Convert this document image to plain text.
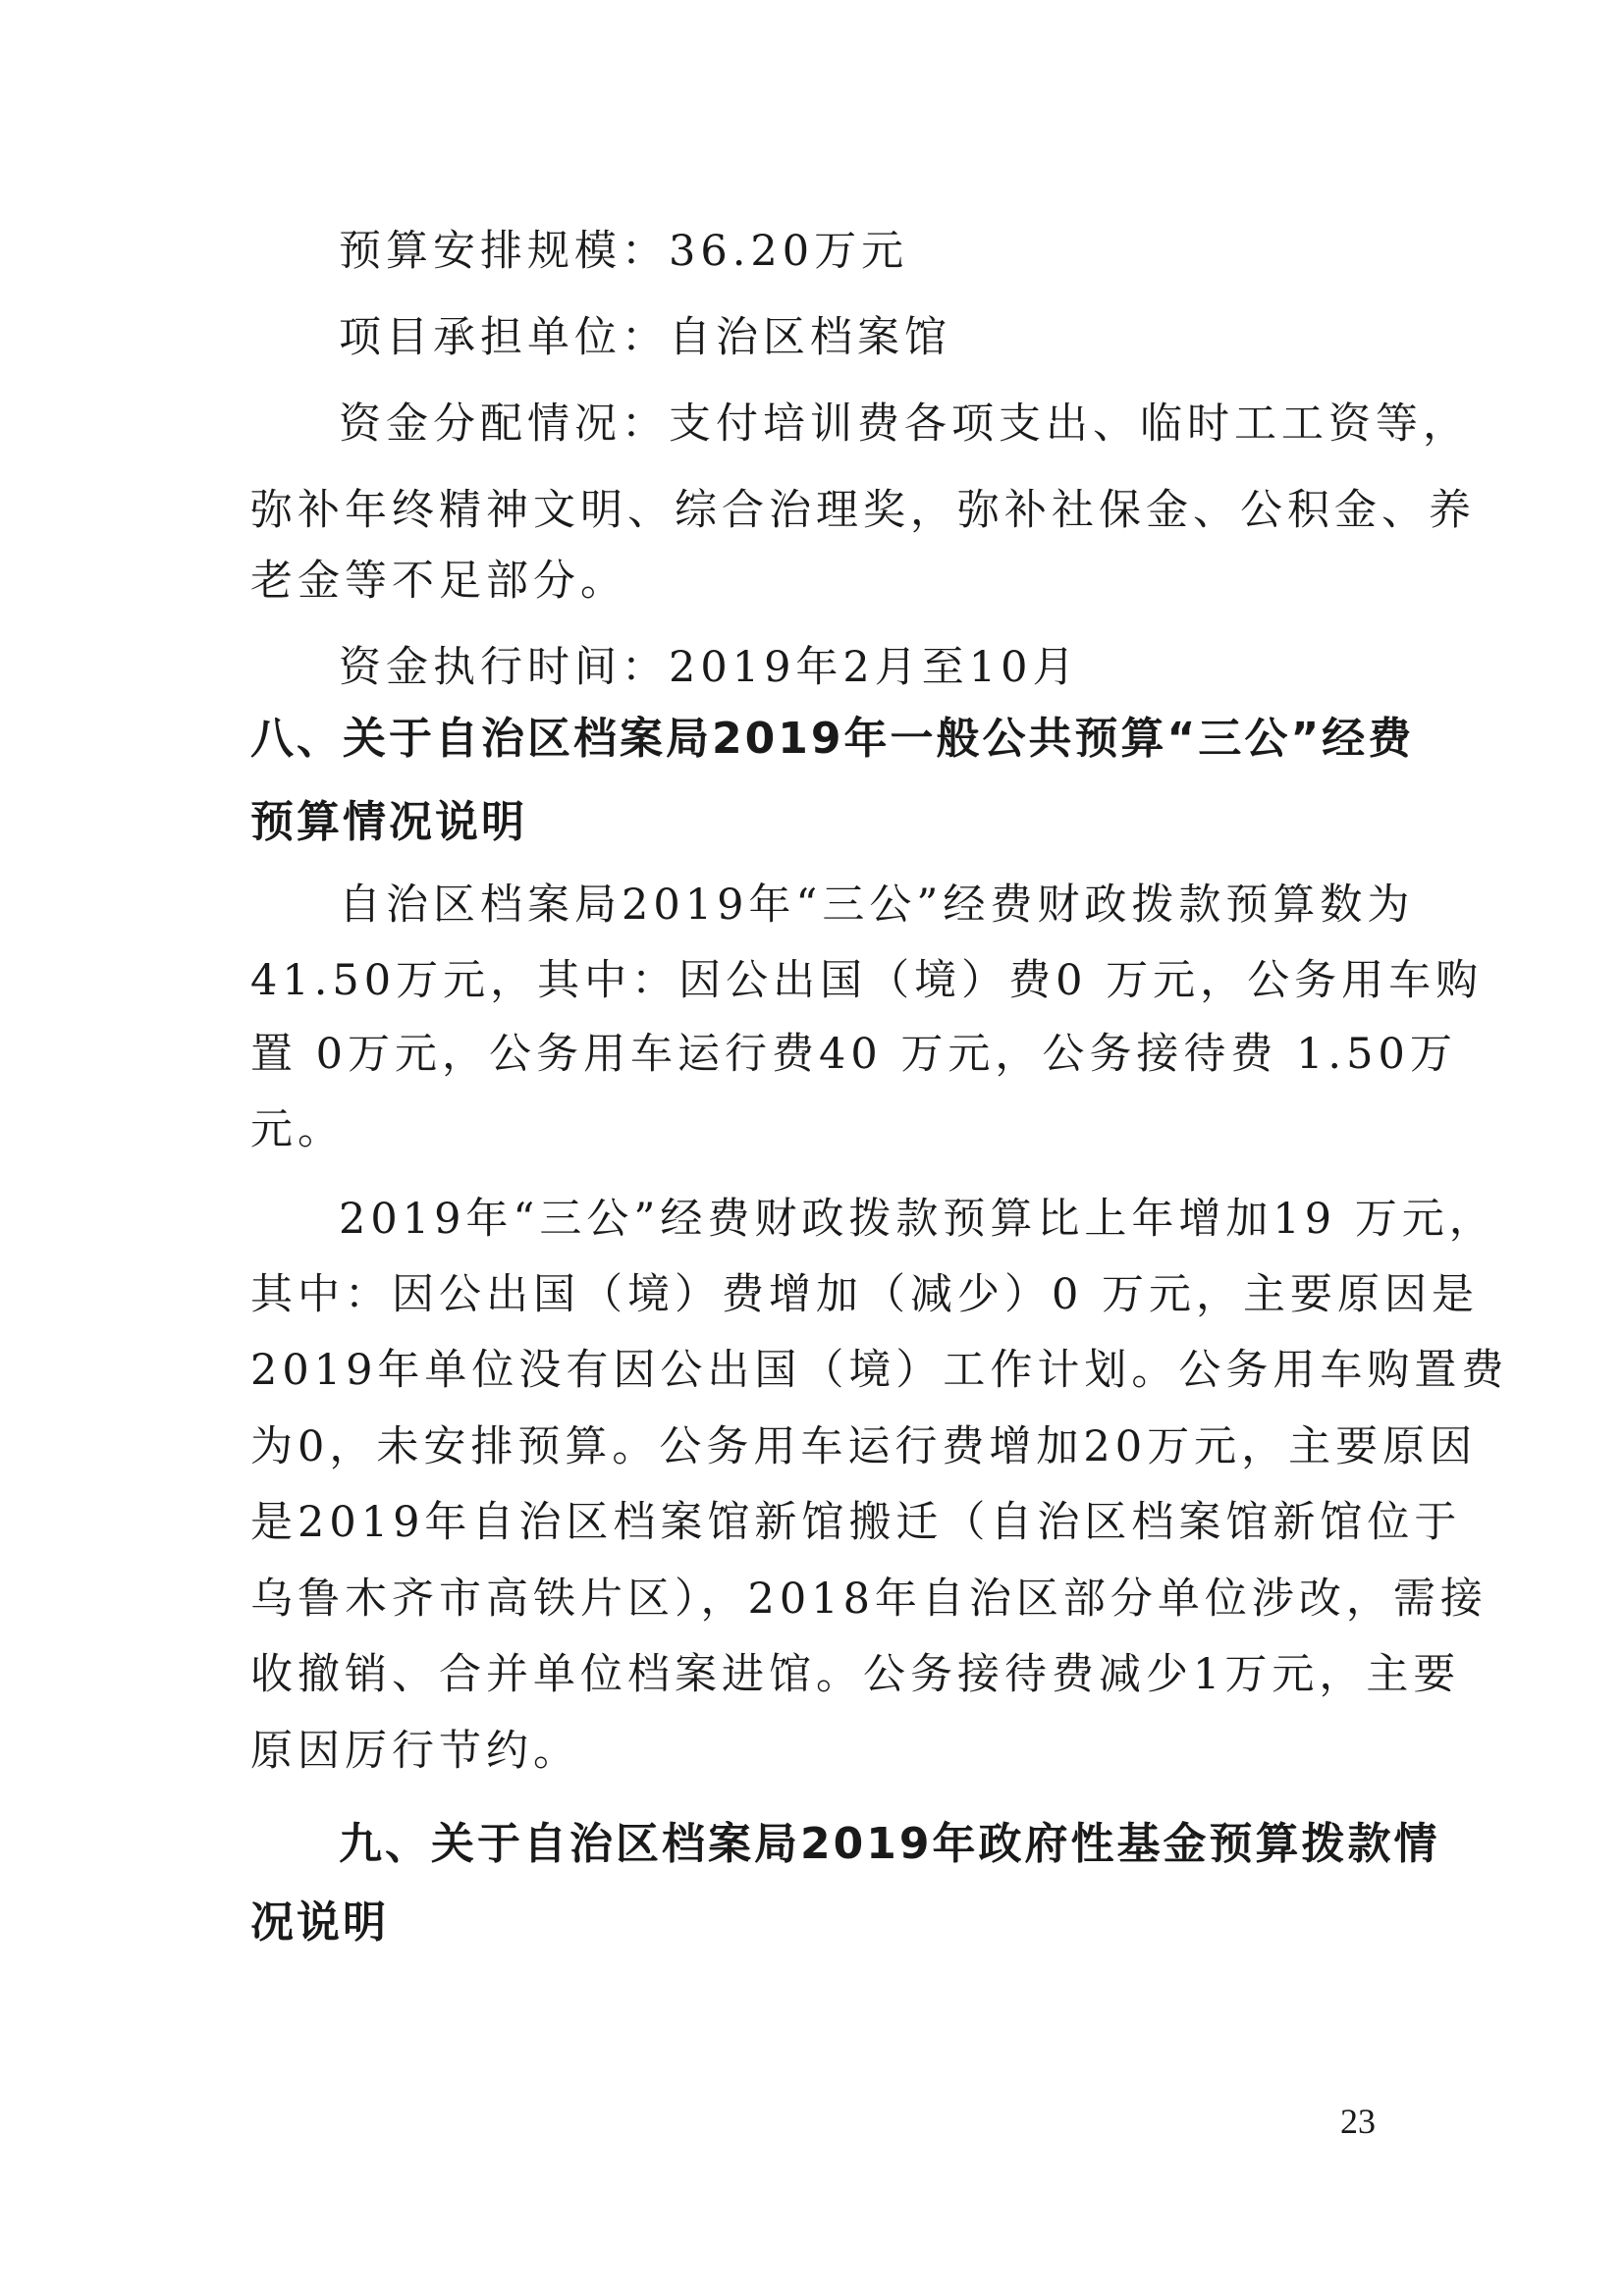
预算安排规模：36.20万元
项目承担单位：自治区档案馆
资金分配情况：支付培训费各项支出、临时工工资等，
弥补年终精神文明、综合治理奖，弥补社保金、公积金、养
老金等不足部分。
资金执行时间：2019年2月至10月
八、关于自治区档案局2019年一般公共预算“三公”经费
预算情况说明
自治区档案局2019年“三公”经费财政拨款预算数为
41.50万元，其中：因公出国（境）费0 万元，公务用车购
置 0万元，公务用车运行费40 万元，公务接待费 1.50万
元。
2019年“三公”经费财政拨款预算比上年增加19 万元，
其中：因公出国（境）费增加（减少）0 万元，主要原因是
2019年单位没有因公出国（境）工作计划。公务用车购置费
为0，未安排预算。公务用车运行费增加20万元，主要原因
是2019年自治区档案馆新馆搬迁（自治区档案馆新馆位于
乌鲁木齐市高铁片区），2018年自治区部分单位涉改，需接
收撤销、合并单位档案进馆。公务接待费减少1万元，主要
原因厉行节约。
九、关于自治区档案局2019年政府性基金预算拨款情
况说明
23
